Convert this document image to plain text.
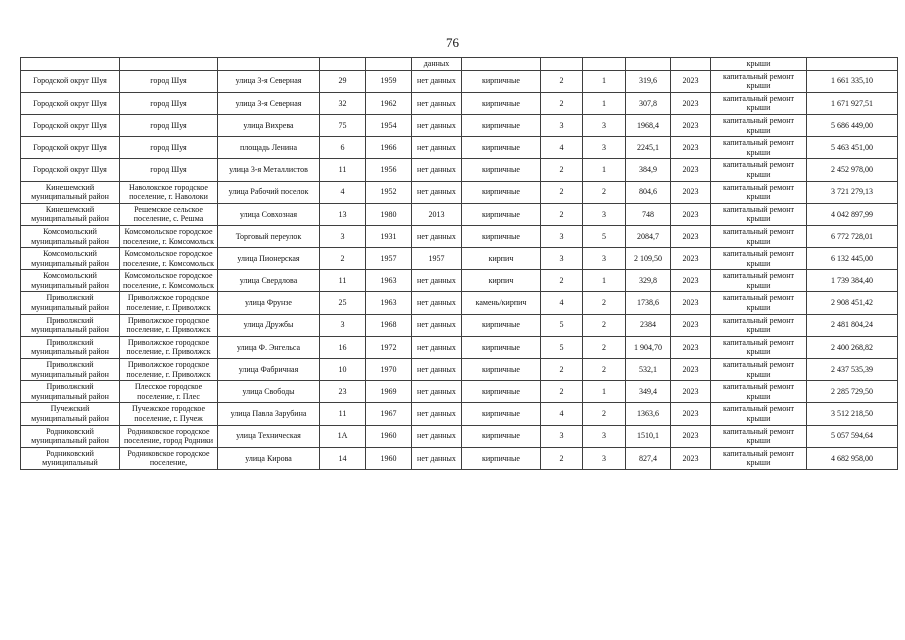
76
					данных						крыши	
Городской округ Шуя	город Шуя	улица 3-я Северная	29	1959	нет данных	кирпичные	2	1	319,6	2023	капитальный ремонт крыши	1 661 335,10
Городской округ Шуя	город Шуя	улица 3-я Северная	32	1962	нет данных	кирпичные	2	1	307,8	2023	капитальный ремонт крыши	1 671 927,51
Городской округ Шуя	город Шуя	улица Вихрева	75	1954	нет данных	кирпичные	3	3	1968,4	2023	капитальный ремонт крыши	5 686 449,00
Городской округ Шуя	город Шуя	площадь Ленина	6	1966	нет данных	кирпичные	4	3	2245,1	2023	капитальный ремонт крыши	5 463 451,00
Городской округ Шуя	город Шуя	улица 3-я Металлистов	11	1956	нет данных	кирпичные	2	1	384,9	2023	капитальный ремонт крыши	2 452 978,00
Кинешемский муниципальный район	Наволокское городское поселение, г. Наволоки	улица Рабочий поселок	4	1952	нет данных	кирпичные	2	2	804,6	2023	капитальный ремонт крыши	3 721 279,13
Кинешемский муниципальный район	Решемское сельское поселение, с. Решма	улица Совхозная	13	1980	2013	кирпичные	2	3	748	2023	капитальный ремонт крыши	4 042 897,99
Комсомольский муниципальный район	Комсомольское городское поселение, г. Комсомольск	Торговый переулок	3	1931	нет данных	кирпичные	3	5	2084,7	2023	капитальный ремонт крыши	6 772 728,01
Комсомольский муниципальный район	Комсомольское городское поселение, г. Комсомольск	улица Пионерская	2	1957	1957	кирпич	3	3	2 109,50	2023	капитальный ремонт крыши	6 132 445,00
Комсомольский муниципальный район	Комсомольское городское поселение, г. Комсомольск	улица Свердлова	11	1963	нет данных	кирпич	2	1	329,8	2023	капитальный ремонт крыши	1 739 384,40
Приволжский муниципальный район	Приволжское городское поселение, г. Приволжск	улица Фрунзе	25	1963	нет данных	камень/кирпич	4	2	1738,6	2023	капитальный ремонт крыши	2 908 451,42
Приволжский муниципальный район	Приволжское городское поселение, г. Приволжск	улица Дружбы	3	1968	нет данных	кирпичные	5	2	2384	2023	капитальный ремонт крыши	2 481 804,24
Приволжский муниципальный район	Приволжское городское поселение, г. Приволжск	улица Ф. Энгельса	16	1972	нет данных	кирпичные	5	2	1 904,70	2023	капитальный ремонт крыши	2 400 268,82
Приволжский муниципальный район	Приволжское городское поселение, г. Приволжск	улица Фабричная	10	1970	нет данных	кирпичные	2	2	532,1	2023	капитальный ремонт крыши	2 437 535,39
Приволжский муниципальный район	Плесское городское поселение, г. Плес	улица Свободы	23	1969	нет данных	кирпичные	2	1	349,4	2023	капитальный ремонт крыши	2 285 729,50
Пучежский муниципальный район	Пучежское городское поселение, г. Пучеж	улица Павла Зарубина	11	1967	нет данных	кирпичные	4	2	1363,6	2023	капитальный ремонт крыши	3 512 218,50
Родниковский муниципальный район	Родниковское городское поселение, город Родники	улица Техническая	1А	1960	нет данных	кирпичные	3	3	1510,1	2023	капитальный ремонт крыши	5 057 594,64
Родниковский муниципальный	Родниковское городское поселение,	улица Кирова	14	1960	нет данных	кирпичные	2	3	827,4	2023	капитальный ремонт крыши	4 682 958,00
